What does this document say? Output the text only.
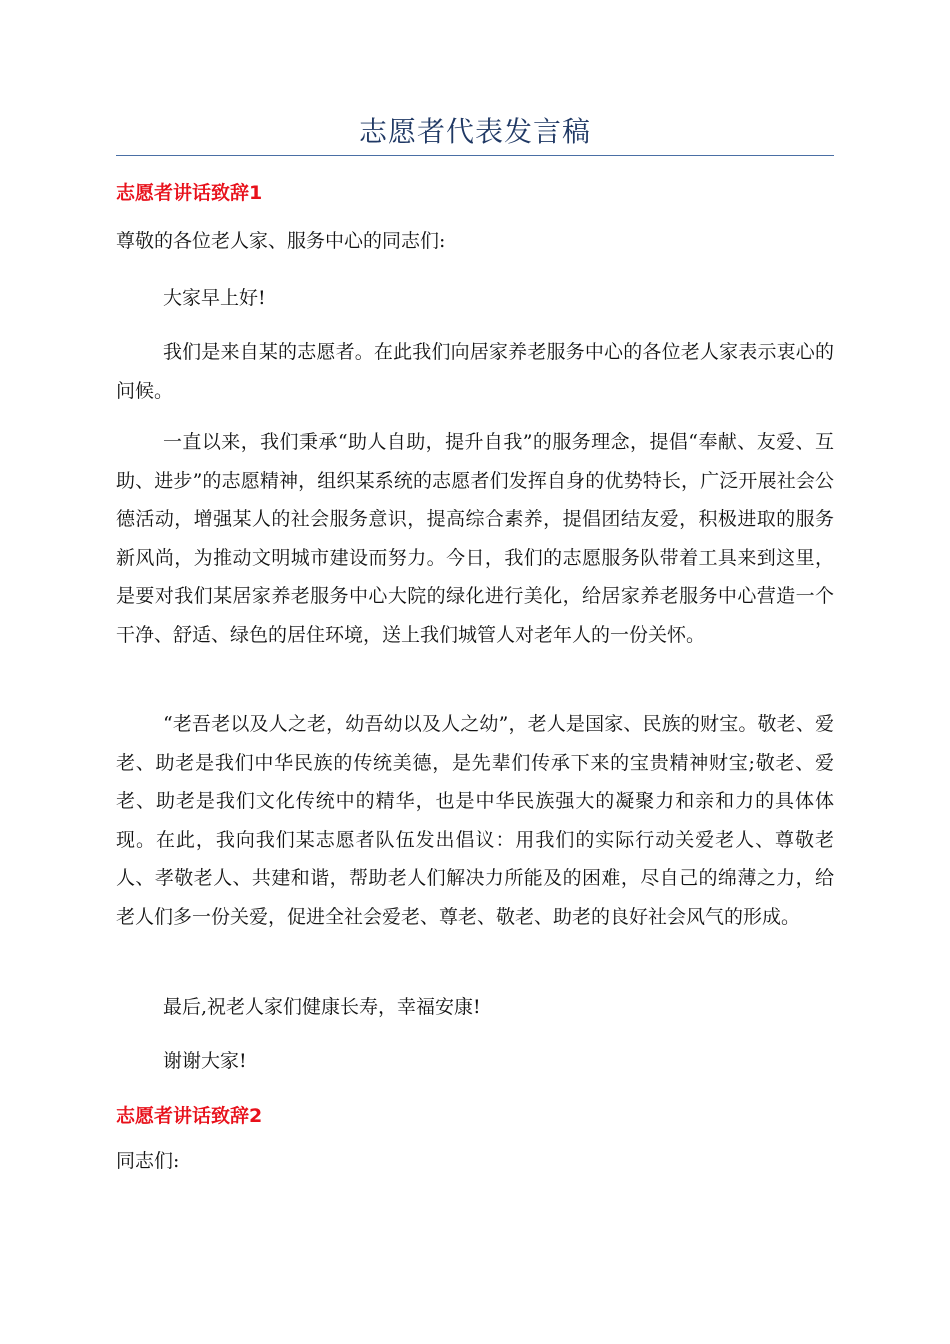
志愿者代表发言稿
志愿者讲话致辞1

尊敬的各位老人家、服务中心的同志们:

大家早上好!

我们是来自某的志愿者。在此我们向居家养老服务中心的各位老人家表示衷心的问候。

一直以来，我们秉承“助人自助，提升自我”的服务理念，提倡“奉献、友爱、互助、进步”的志愿精神，组织某系统的志愿者们发挥自身的优势特长，广泛开展社会公德活动，增强某人的社会服务意识，提高综合素养，提倡团结友爱，积极进取的服务新风尚，为推动文明城市建设而努力。今日，我们的志愿服务队带着工具来到这里，是要对我们某居家养老服务中心大院的绿化进行美化，给居家养老服务中心营造一个干净、舒适、绿色的居住环境，送上我们城管人对老年人的一份关怀。

“老吾老以及人之老，幼吾幼以及人之幼”，老人是国家、民族的财宝。敬老、爱老、助老是我们中华民族的传统美德，是先辈们传承下来的宝贵精神财宝;敬老、爱老、助老是我们文化传统中的精华，也是中华民族强大的凝聚力和亲和力的具体体现。在此，我向我们某志愿者队伍发出倡议：用我们的实际行动关爱老人、尊敬老人、孝敬老人、共建和谐，帮助老人们解决力所能及的困难，尽自己的绵薄之力，给老人们多一份关爱，促进全社会爱老、尊老、敬老、助老的良好社会风气的形成。

最后,祝老人家们健康长寿，幸福安康!

谢谢大家!

志愿者讲话致辞2

同志们:
